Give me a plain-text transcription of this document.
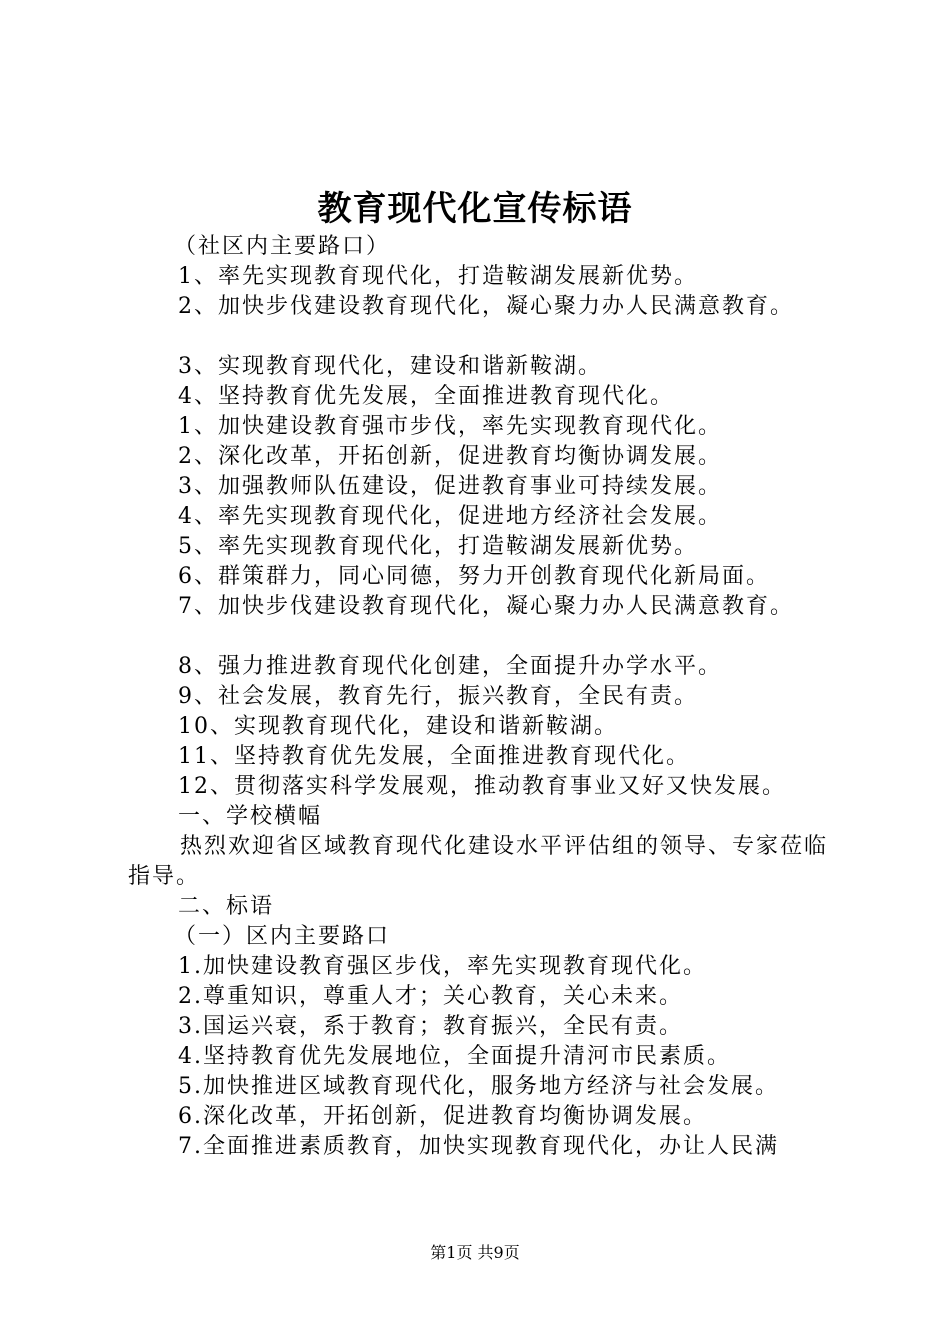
教育现代化宣传标语
（社区内主要路口）
1、率先实现教育现代化，打造鞍湖发展新优势。
2、加快步伐建设教育现代化，凝心聚力办人民满意教育。
3、实现教育现代化，建设和谐新鞍湖。
4、坚持教育优先发展，全面推进教育现代化。
1、加快建设教育强市步伐，率先实现教育现代化。
2、深化改革，开拓创新，促进教育均衡协调发展。
3、加强教师队伍建设，促进教育事业可持续发展。
4、率先实现教育现代化，促进地方经济社会发展。
5、率先实现教育现代化，打造鞍湖发展新优势。
6、群策群力，同心同德，努力开创教育现代化新局面。
7、加快步伐建设教育现代化，凝心聚力办人民满意教育。
8、强力推进教育现代化创建，全面提升办学水平。
9、社会发展，教育先行，振兴教育，全民有责。
10、实现教育现代化，建设和谐新鞍湖。
11、坚持教育优先发展，全面推进教育现代化。
12、贯彻落实科学发展观，推动教育事业又好又快发展。
一、学校横幅
热烈欢迎省区域教育现代化建设水平评估组的领导、专家莅临指导。
二、标语
（一）区内主要路口
1.加快建设教育强区步伐，率先实现教育现代化。
2.尊重知识，尊重人才；关心教育，关心未来。
3.国运兴衰，系于教育；教育振兴，全民有责。
4.坚持教育优先发展地位，全面提升清河市民素质。
5.加快推进区域教育现代化，服务地方经济与社会发展。
6.深化改革，开拓创新，促进教育均衡协调发展。
7.全面推进素质教育，加快实现教育现代化，办让人民满
第1页 共9页
